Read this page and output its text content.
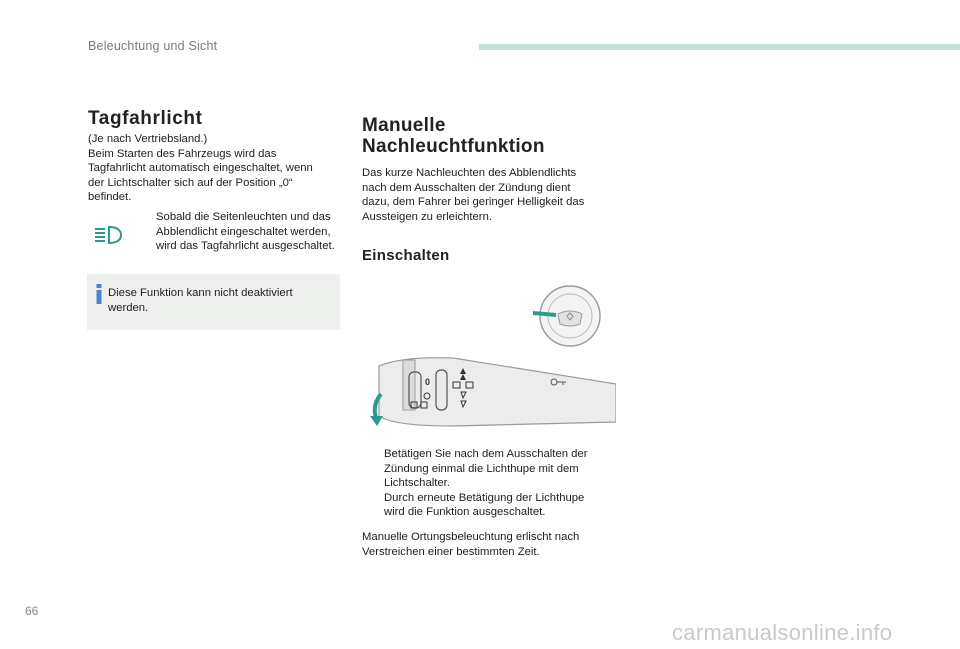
Beleuchtung und Sicht
Tagfahrlicht
(Je nach Vertriebsland.)
Beim Starten des Fahrzeugs wird das
Tagfahrlicht automatisch eingeschaltet, wenn
der Lichtschalter sich auf der Position „0“
befindet.
Sobald die Seitenleuchten und das
Abblendlicht eingeschaltet werden,
wird das Tagfahrlicht ausgeschaltet.
Diese Funktion kann nicht deaktiviert
werden.
Manuelle
Nachleuchtfunktion
Das kurze Nachleuchten des Abblendlichts
nach dem Ausschalten der Zündung dient
dazu, dem Fahrer bei geringer Helligkeit das
Aussteigen zu erleichtern.
Einschalten
0
Betätigen Sie nach dem Ausschalten der
Zündung einmal die Lichthupe mit dem
Lichtschalter.
Durch erneute Betätigung der Lichthupe
wird die Funktion ausgeschaltet.
Manuelle Ortungsbeleuchtung erlischt nach
Verstreichen einer bestimmten Zeit.
66
carmanualsonline.info
